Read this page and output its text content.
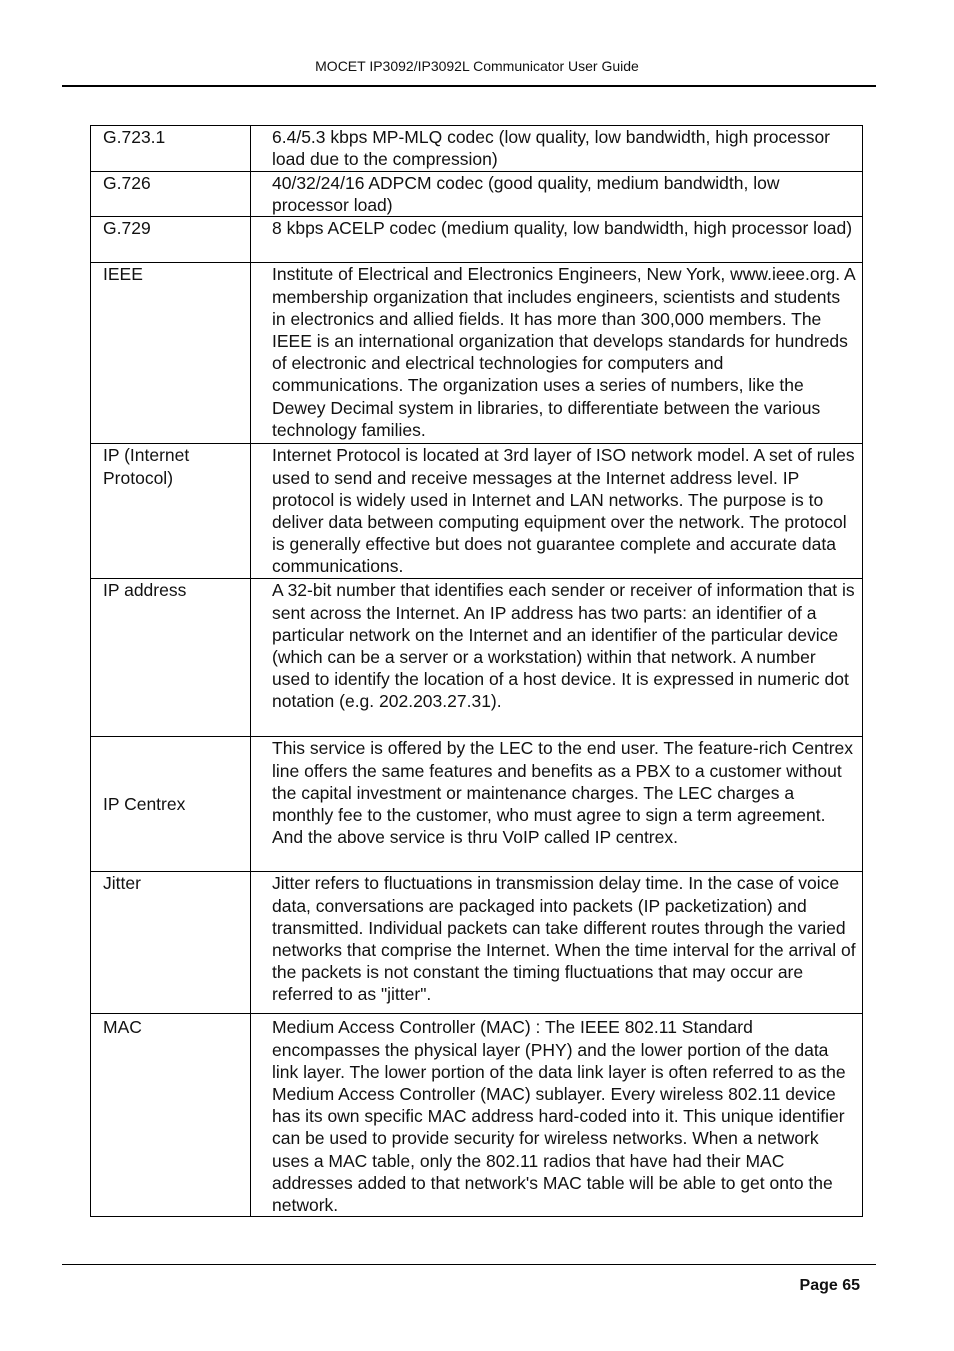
MOCET IP3092/IP3092L Communicator User Guide
G.723.1	6.4/5.3 kbps MP-MLQ codec (low quality, low bandwidth, high processor load due to the compression)
G.726	40/32/24/16 ADPCM codec (good quality, medium bandwidth, low processor load)
G.729	8 kbps ACELP codec (medium quality, low bandwidth, high processor load)
IEEE	Institute of Electrical and Electronics Engineers, New York, www.ieee.org. A membership organization that includes engineers, scientists and students in electronics and allied fields. It has more than 300,000 members. The IEEE is an international organization that develops standards for hundreds of electronic and electrical technologies for computers and communications. The organization uses a series of numbers, like the Dewey Decimal system in libraries, to differentiate between the various technology families.
IP (Internet Protocol)	Internet Protocol is located at 3rd layer of ISO network model. A set of rules used to send and receive messages at the Internet address level. IP protocol is widely used in Internet and LAN networks. The purpose is to deliver data between computing equipment over the network. The protocol is generally effective but does not guarantee complete and accurate data communications.
IP address	A 32-bit number that identifies each sender or receiver of information that is sent across the Internet. An IP address has two parts: an identifier of a particular network on the Internet and an identifier of the particular device (which can be a server or a workstation) within that network. A number used to identify the location of a host device. It is expressed in numeric dot notation (e.g. 202.203.27.31).
IP Centrex	This service is offered by the LEC to the end user. The feature-rich Centrex line offers the same features and benefits as a PBX to a customer without the capital investment or maintenance charges. The LEC charges a monthly fee to the customer, who must agree to sign a term agreement. And the above service is thru VoIP called IP centrex.
Jitter	Jitter refers to fluctuations in transmission delay time. In the case of voice data, conversations are packaged into packets (IP packetization) and transmitted. Individual packets can take different routes through the varied networks that comprise the Internet. When the time interval for the arrival of the packets is not constant the timing fluctuations that may occur are referred to as "jitter".
MAC	Medium Access Controller (MAC) : The IEEE 802.11 Standard encompasses the physical layer (PHY) and the lower portion of the data link layer. The lower portion of the data link layer is often referred to as the Medium Access Controller (MAC) sublayer. Every wireless 802.11 device has its own specific MAC address hard-coded into it. This unique identifier can be used to provide security for wireless networks. When a network uses a MAC table, only the 802.11 radios that have had their MAC addresses added to that network's MAC table will be able to get onto the network.
Page 65
